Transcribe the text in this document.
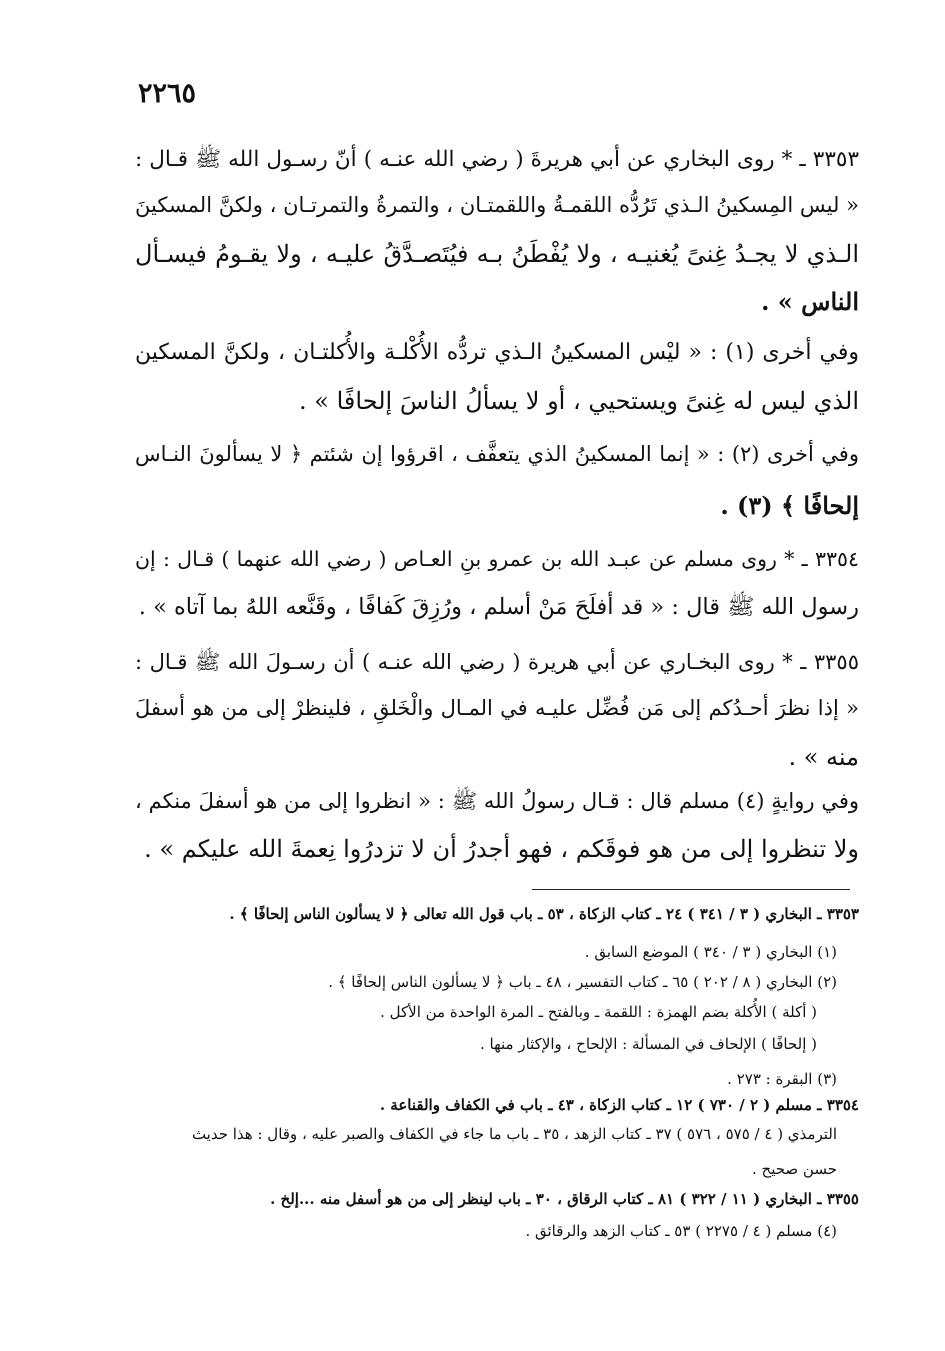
٢٢٦٥
٣٣٥٣ ـ * روى البخاري عن أبي هريرةَ ( رضي الله عنـه ) أنّ رسـول الله ﷺ قـال :
« ليس المِسكينُ الـذي تَرُدُّه اللقمـةُ واللقمتـان ، والتمرةُ والتمرتـان ، ولكنَّ المسكينَ
الـذي لا يجـدُ غِنىً يُغنيـه ، ولا يُفْطَنُ بـه فيُتَصـدَّقُ عليـه ، ولا يقـومُ فيسـأل
الناس » .
وفي أخرى (١) : « ليْس المسكينُ الـذي تردُّه الأُكْلـة والأُكلتـان ، ولكنَّ المسكين
الذي ليس له غِنىً ويستحيي ، أو لا يسألُ الناسَ إلحافًا » .
وفي أخرى (٢) : « إنما المسكينُ الذي يتعفَّف ، اقرؤوا إن شئتم ﴿ لا يسألونَ النـاس
إلحافًا ﴾ (٣) .
٣٣٥٤ ـ * روى مسلم عن عبـد الله بن عمرو بنِ العـاص ( رضي الله عنهما ) قـال : إن
رسول الله ﷺ قال : « قد أفلَحَ مَنْ أسلم ، ورُزِقَ كَفافًا ، وقَنَّعه اللهُ بما آتاه » .
٣٣٥٥ ـ * روى البخـاري عن أبي هريرة ( رضي الله عنـه ) أن رسـولَ الله ﷺ قـال :
« إذا نظرَ أحـدُكم إلى مَن فُضِّل عليـه في المـال والْخَلقِ ، فلينظرْ إلى من هو أسفلَ
منه » .
وفي روايةٍ (٤) مسلم قال : قـال رسولُ الله ﷺ : « انظروا إلى من هو أسفلَ منكم ،
ولا تنظروا إلى من هو فوقَكم ، فهو أجدرُ أن لا تزدرُوا نِعمةَ الله عليكم » .
٣٣٥٣ ـ البخاري ( ٣ / ٣٤١ ) ٢٤ ـ كتاب الزكاة ، ٥٣ ـ باب قول الله تعالى ﴿ لا يسألون الناس إلحافًا ﴾ .
(١) البخاري ( ٣ / ٣٤٠ ) الموضع السابق .
(٢) البخاري ( ٨ / ٢٠٢ ) ٦٥ ـ كتاب التفسير ، ٤٨ ـ باب ﴿ لا يسألون الناس إلحافًا ﴾ .
( أكلة ) الأُكلة بضم الهمزة : اللقمة ـ وبالفتح ـ المرة الواحدة من الأكل .
( إلحافًا ) الإلحاف في المسألة : الإلحاح ، والإكثار منها .
(٣) البقرة : ٢٧٣ .
٣٣٥٤ ـ مسلم ( ٢ / ٧٣٠ ) ١٢ ـ كتاب الزكاة ، ٤٣ ـ باب في الكفاف والقناعة .
الترمذي ( ٤ / ٥٧٥ ، ٥٧٦ ) ٣٧ ـ كتاب الزهد ، ٣٥ ـ باب ما جاء في الكفاف والصبر عليه ، وقال : هذا حديث
حسن صحيح .
٣٣٥٥ ـ البخاري ( ١١ / ٣٢٢ ) ٨١ ـ كتاب الرقاق ، ٣٠ ـ باب لينظر إلى من هو أسفل منه ...إلخ .
(٤) مسلم ( ٤ / ٢٢٧٥ ) ٥٣ ـ كتاب الزهد والرقائق .
